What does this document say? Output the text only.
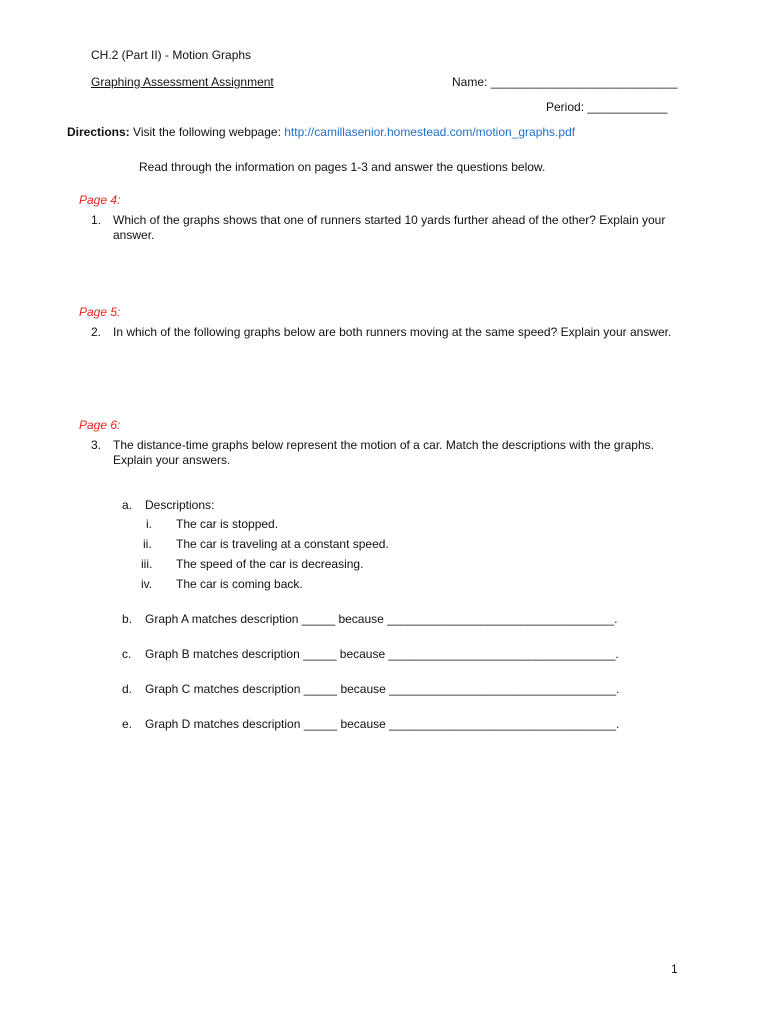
CH.2 (Part II) - Motion Graphs
Graphing Assessment Assignment	Name: ____________________________
Period: ____________
Directions: Visit the following webpage: http://camillasenior.homestead.com/motion_graphs.pdf
Read through the information on pages 1-3 and answer the questions below.
Page 4:
1. Which of the graphs shows that one of runners started 10 yards further ahead of the other? Explain your answer.
Page 5:
2. In which of the following graphs below are both runners moving at the same speed? Explain your answer.
Page 6:
3. The distance-time graphs below represent the motion of a car. Match the descriptions with the graphs. Explain your answers.
a. Descriptions:
i. The car is stopped.
ii. The car is traveling at a constant speed.
iii. The speed of the car is decreasing.
iv. The car is coming back.
b. Graph A matches description _____ because __________________________________.
c. Graph B matches description _____ because __________________________________.
d. Graph C matches description _____ because __________________________________.
e. Graph D matches description _____ because __________________________________.
1
